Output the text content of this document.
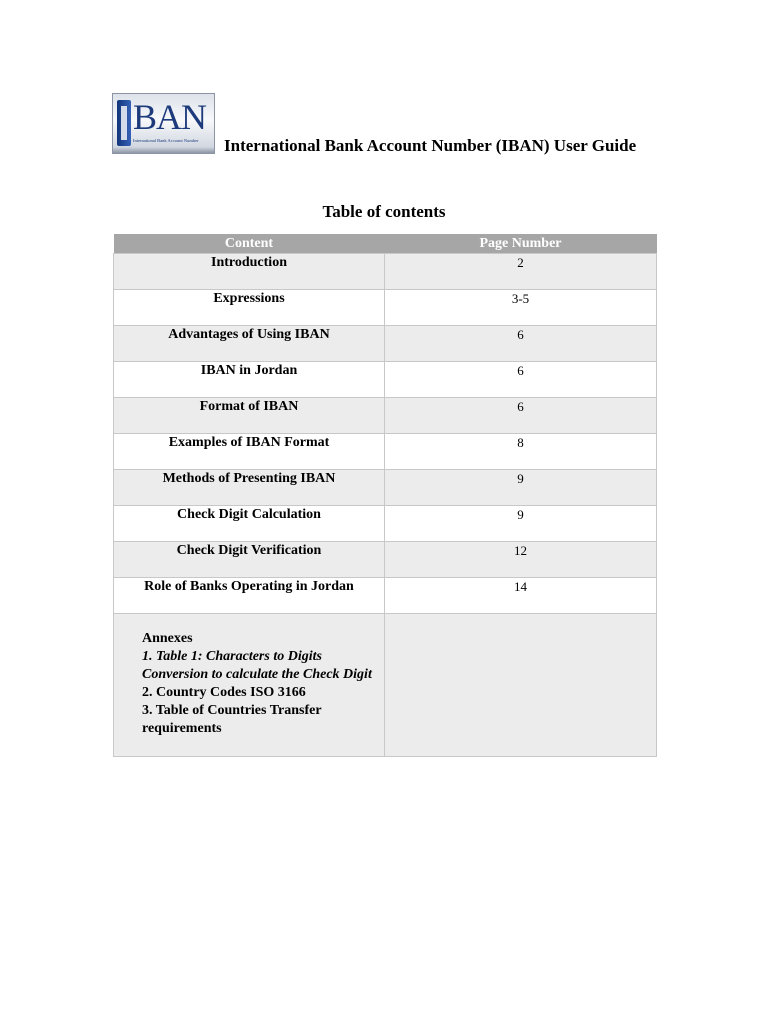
BAN
International Bank Account Number	International Bank Account Number (IBAN) User Guide
Table of contents
Content	Page Number
Introduction	2
Expressions	3-5
Advantages of Using IBAN	6
IBAN in Jordan	6
Format of IBAN	6
Examples of IBAN Format	8
Methods of Presenting IBAN	9
Check Digit Calculation	9
Check Digit Verification	12
Role of Banks Operating in Jordan	14

Annexes
1. Table 1: Characters to Digits Conversion to calculate the Check Digit
2. Country Codes ISO 3166
3. Table of Countries Transfer requirements	
